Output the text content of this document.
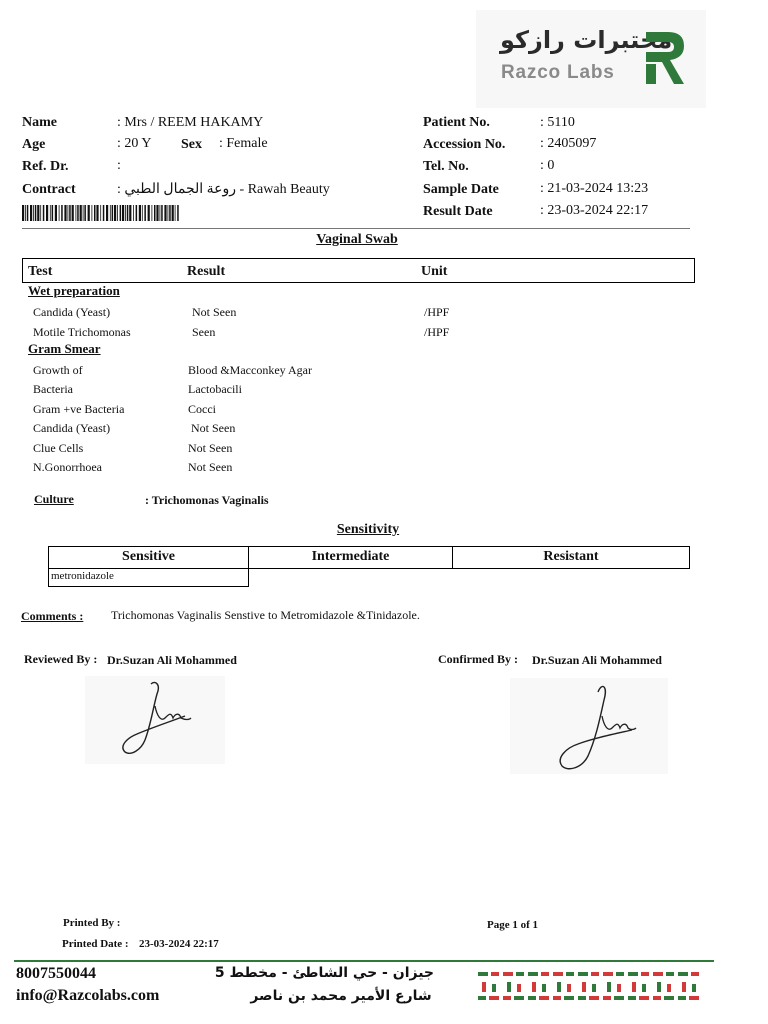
مختبرات رازكو
Razco Labs
Name	: Mrs / REEM HAKAMY
Age	: 20 Y Sex : Female
Ref. Dr.	:
Contract	: روعة الجمال الطبي - Rawah Beauty
Patient No.	: 5110
Accession No. : 2405097
Tel. No.	: 0
Sample Date	: 21-03-2024 13:23
Result Date	: 23-03-2024 22:17
Vaginal Swab
Test	Result	Unit
Wet preparation
Candida (Yeast)	Not Seen	/HPF
Motile Trichomonas	Seen	/HPF
Gram Smear
Growth of	Blood &Macconkey Agar
Bacteria	Lactobacili
Gram +ve Bacteria	Cocci
Candida (Yeast)	Not Seen
Clue Cells	Not Seen
N.Gonorrhoea	Not Seen
Culture	: Trichomonas Vaginalis
Sensitivity
Sensitive	Intermediate	Resistant
metronidazole
Comments : Trichomonas Vaginalis Senstive to Metromidazole &Tinidazole.
Reviewed By : Dr.Suzan Ali Mohammed	Confirmed By : Dr.Suzan Ali Mohammed
Printed By :
Printed Date : 23-03-2024 22:17
Page 1 of 1
8007550044
info@Razcolabs.com
جيزان - حي الشاطئ - مخطط 5
شارع الأمير محمد بن ناصر
